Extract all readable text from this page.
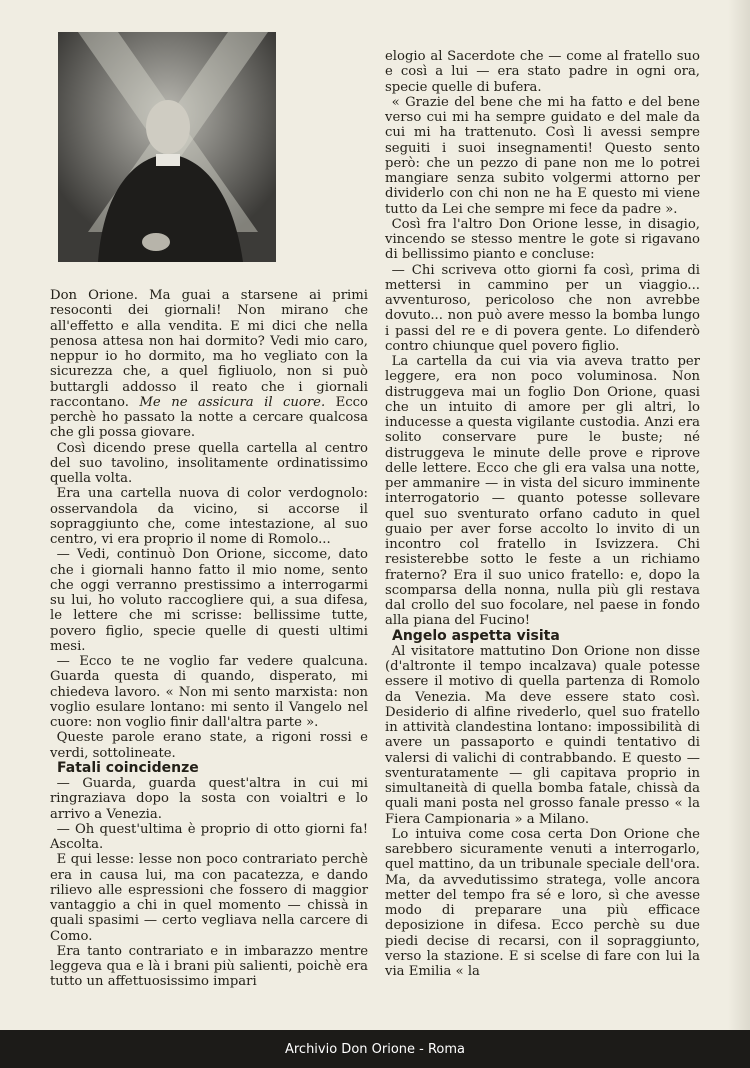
Don Orione. Ma guai a starsene ai primi resoconti dei giornali! Non mirano che all'effetto e alla vendita. E mi dici che nella penosa attesa non hai dormito? Vedi mio caro, neppur io ho dormito, ma ho vegliato con la sicurezza che, a quel figliuolo, non si può buttargli addosso il reato che i giornali raccontano. Me ne assicura il cuore. Ecco perchè ho passato la notte a cercare qualcosa che gli possa giovare.

Così dicendo prese quella cartella al centro del suo tavolino, insolitamente ordinatissimo quella volta.

Era una cartella nuova di color verdognolo: osservandola da vicino, si accorse il sopraggiunto che, come intestazione, al suo centro, vi era proprio il nome di Romolo...

— Vedi, continuò Don Orione, siccome, dato che i giornali hanno fatto il mio nome, sento che oggi verranno prestissimo a interrogarmi su lui, ho voluto raccogliere qui, a sua difesa, le lettere che mi scrisse: bellissime tutte, povero figlio, specie quelle di questi ultimi mesi.

— Ecco te ne voglio far vedere qualcuna. Guarda questa di quando, disperato, mi chiedeva lavoro. « Non mi sento marxista: non voglio esulare lontano: mi sento il Vangelo nel cuore: non voglio finir dall'altra parte ».

Queste parole erano state, a rigoni rossi e verdi, sottolineate.

Fatali coincidenze

— Guarda, guarda quest'altra in cui mi ringraziava dopo la sosta con voialtri e lo arrivo a Venezia.

— Oh quest'ultima è proprio di otto giorni fa! Ascolta.

E qui lesse: lesse non poco contrariato perchè era in causa lui, ma con pacatezza, e dando rilievo alle espressioni che fossero di maggior vantaggio a chi in quel momento — chissà in quali spasimi — certo vegliava nella carcere di Como.

Era tanto contrariato e in imbarazzo mentre leggeva qua e là i brani più salienti, poichè era tutto un affettuosissimo impari

elogio al Sacerdote che — come al fratello suo e così a lui — era stato padre in ogni ora, specie quelle di bufera.

« Grazie del bene che mi ha fatto e del bene verso cui mi ha sempre guidato e del male da cui mi ha trattenuto. Così li avessi sempre seguiti i suoi insegnamenti! Questo sento però: che un pezzo di pane non me lo potrei mangiare senza subito volgermi attorno per dividerlo con chi non ne ha E questo mi viene tutto da Lei che sempre mi fece da padre ».

Così fra l'altro Don Orione lesse, in disagio, vincendo se stesso mentre le gote si rigavano di bellissimo pianto e concluse:

— Chi scriveva otto giorni fa così, prima di mettersi in cammino per un viaggio... avventuroso, pericoloso che non avrebbe dovuto... non può avere messo la bomba lungo i passi del re e di povera gente. Lo difenderò contro chiunque quel povero figlio.

La cartella da cui via via aveva tratto per leggere, era non poco voluminosa. Non distruggeva mai un foglio Don Orione, quasi che un intuito di amore per gli altri, lo inducesse a questa vigilante custodia. Anzi era solito conservare pure le buste; né distruggeva le minute delle prove e riprove delle lettere. Ecco che gli era valsa una notte, per ammanire — in vista del sicuro imminente interrogatorio — quanto potesse sollevare quel suo sventurato orfano caduto in quel guaio per aver forse accolto lo invito di un incontro col fratello in Isvizzera. Chi resisterebbe sotto le feste a un richiamo fraterno? Era il suo unico fratello: e, dopo la scomparsa della nonna, nulla più gli restava dal crollo del suo focolare, nel paese in fondo alla piana del Fucino!

Angelo aspetta visita

Al visitatore mattutino Don Orione non disse (d'altronte il tempo incalzava) quale potesse essere il motivo di quella partenza di Romolo da Venezia. Ma deve essere stato così. Desiderio di alfine rivederlo, quel suo fratello in attività clandestina lontano: impossibilità di avere un passaporto e quindi tentativo di valersi di valichi di contrabbando. E questo — sventuratamente — gli capitava proprio in simultaneità di quella bomba fatale, chissà da quali mani posta nel grosso fanale presso « la Fiera Campionaria » a Milano.

Lo intuiva come cosa certa Don Orione che sarebbero sicuramente venuti a interrogarlo, quel mattino, da un tribunale speciale dell'ora. Ma, da avvedutissimo stratega, volle ancora metter del tempo fra sé e loro, sì che avesse modo di preparare una più efficace deposizione in difesa. Ecco perchè su due piedi decise di recarsi, con il sopraggiunto, verso la stazione. E si scelse di fare con lui la via Emilia « la

Archivio Don Orione - Roma
